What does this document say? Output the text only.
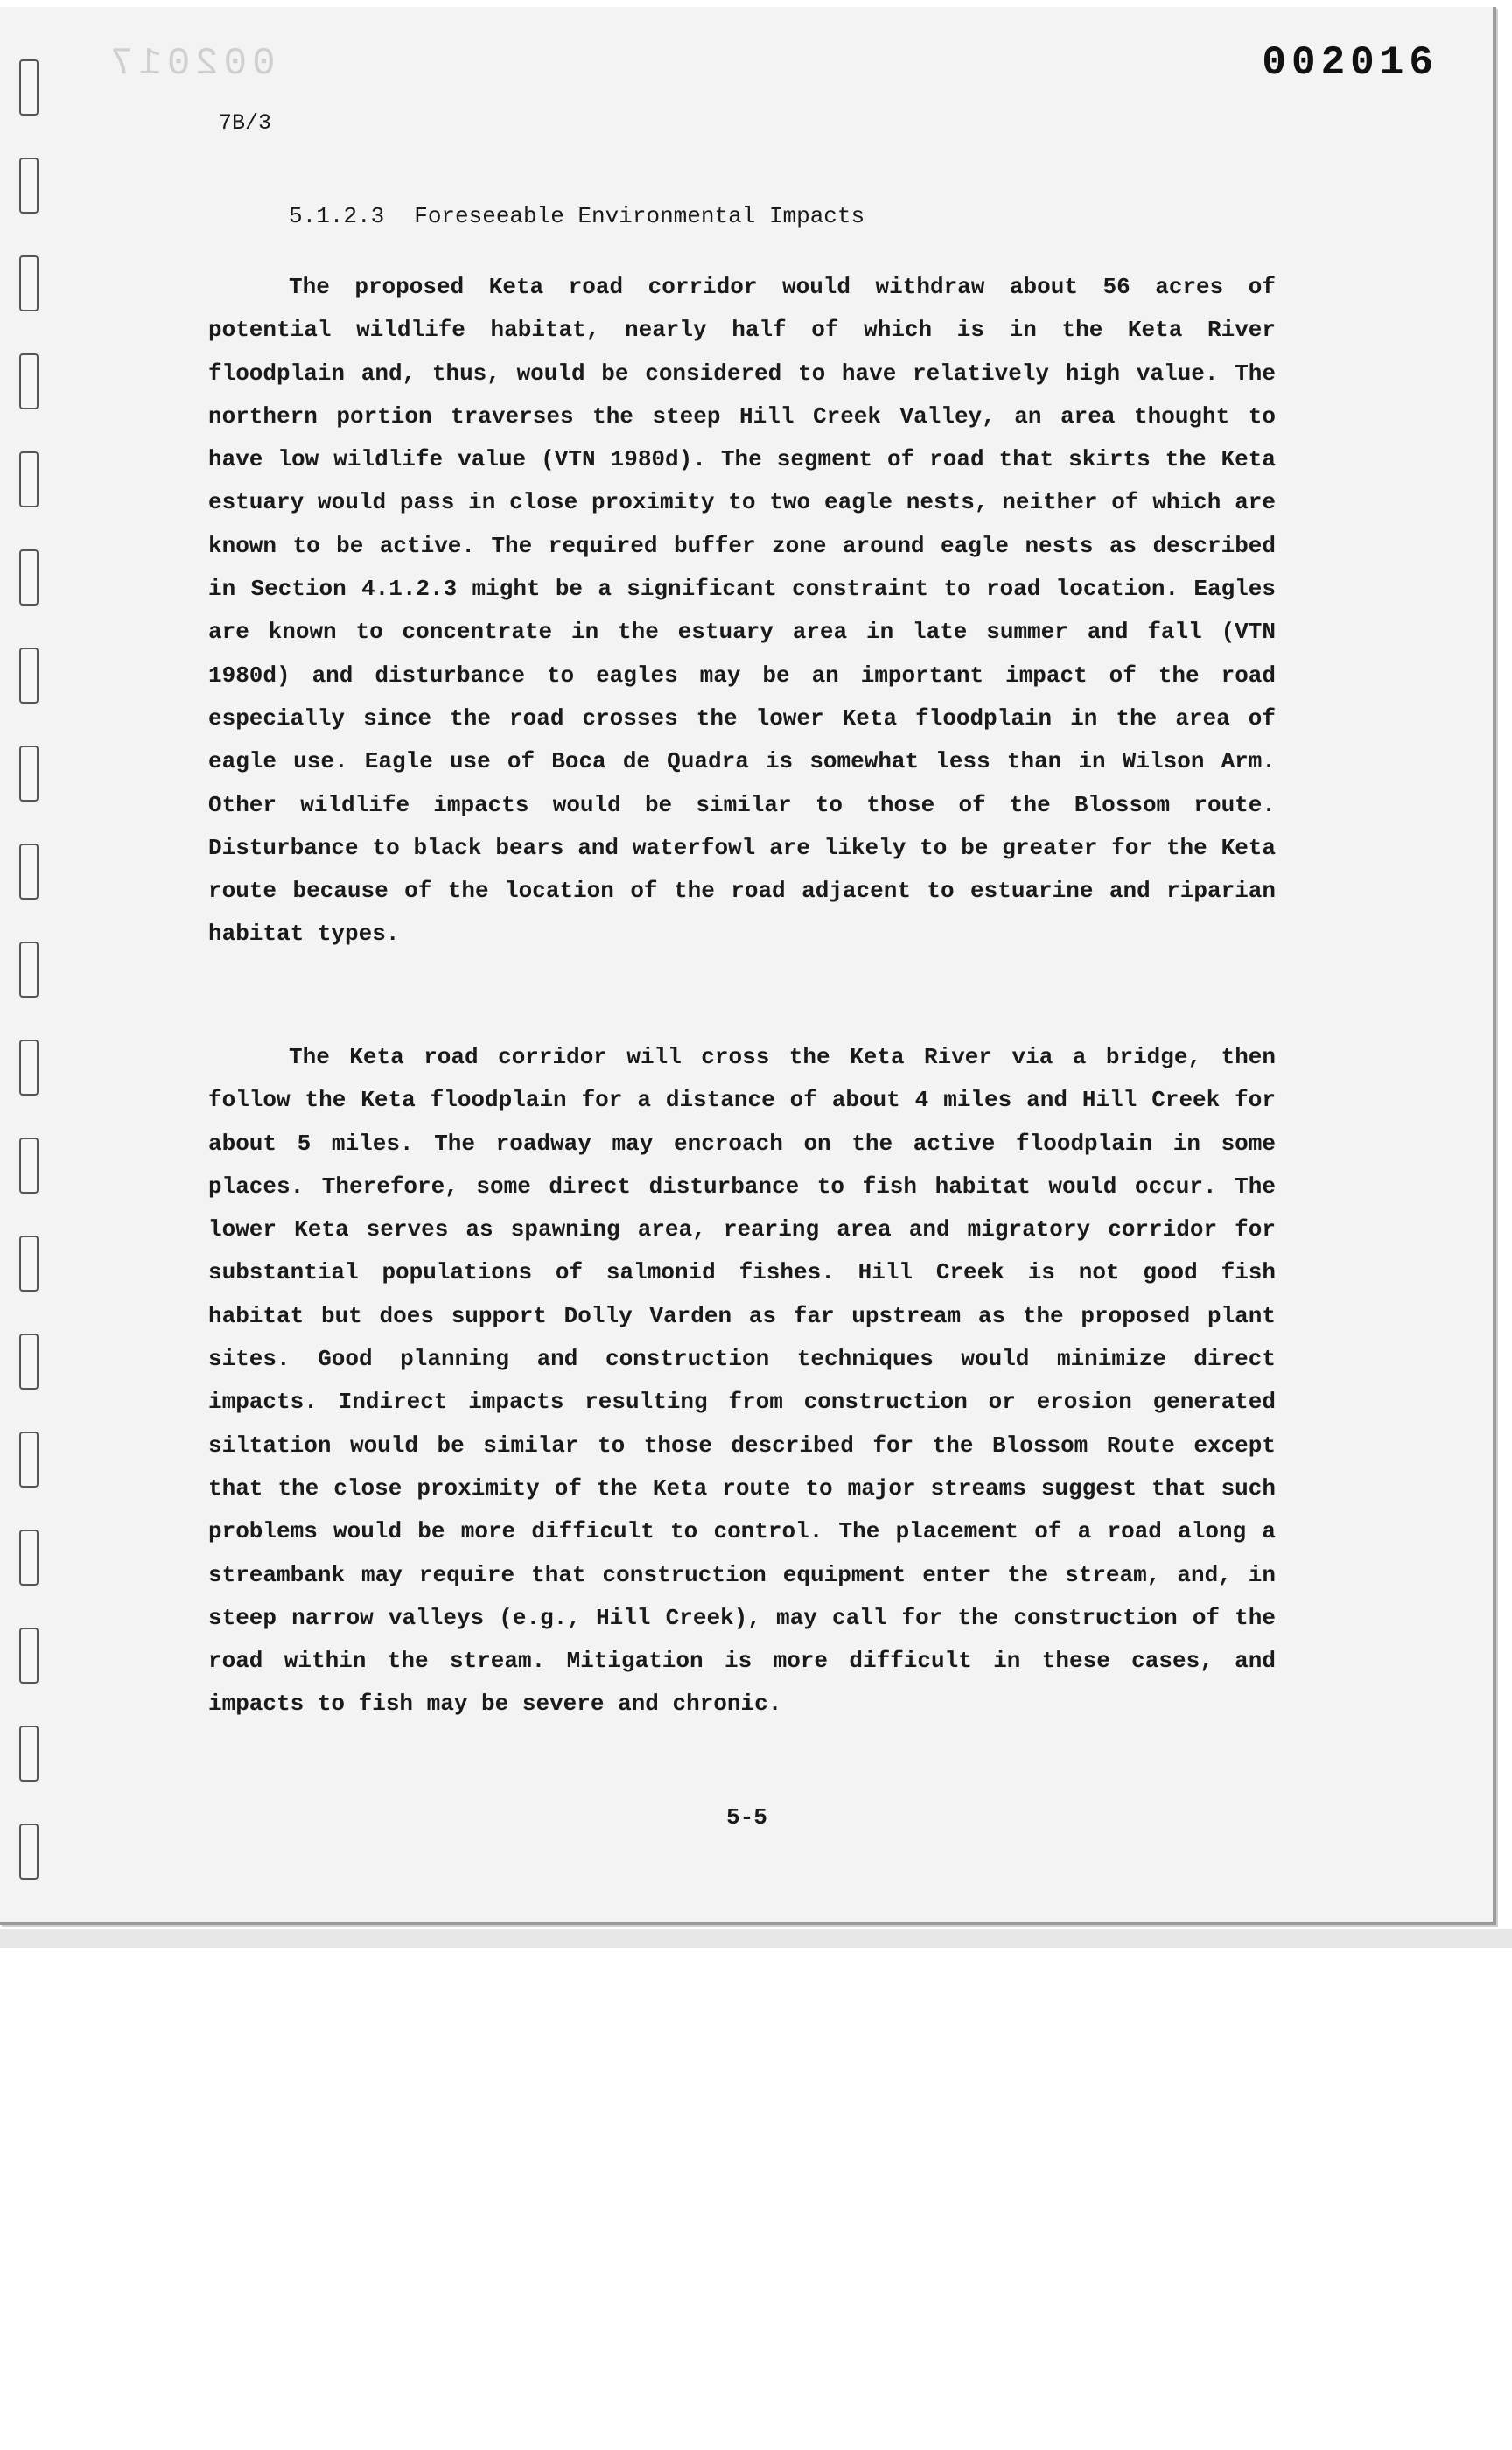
002017	002016
7B/3
5.1.2.3 Foreseeable Environmental Impacts

The proposed Keta road corridor would withdraw about 56 acres of potential wildlife habitat, nearly half of which is in the Keta River floodplain and, thus, would be considered to have relatively high value. The northern portion traverses the steep Hill Creek Valley, an area thought to have low wildlife value (VTN 1980d). The segment of road that skirts the Keta estuary would pass in close proximity to two eagle nests, neither of which are known to be active. The required buffer zone around eagle nests as described in Section 4.1.2.3 might be a significant constraint to road location. Eagles are known to concentrate in the estuary area in late summer and fall (VTN 1980d) and disturbance to eagles may be an important impact of the road especially since the road crosses the lower Keta floodplain in the area of eagle use. Eagle use of Boca de Quadra is somewhat less than in Wilson Arm. Other wildlife impacts would be similar to those of the Blossom route. Disturbance to black bears and waterfowl are likely to be greater for the Keta route because of the location of the road adjacent to estuarine and riparian habitat types.

The Keta road corridor will cross the Keta River via a bridge, then follow the Keta floodplain for a distance of about 4 miles and Hill Creek for about 5 miles. The roadway may encroach on the active floodplain in some places. Therefore, some direct disturbance to fish habitat would occur. The lower Keta serves as spawning area, rearing area and migratory corridor for substantial populations of salmonid fishes. Hill Creek is not good fish habitat but does support Dolly Varden as far upstream as the proposed plant sites. Good planning and construction techniques would minimize direct impacts. Indirect impacts resulting from construction or erosion generated siltation would be similar to those described for the Blossom Route except that the close proximity of the Keta route to major streams suggest that such problems would be more difficult to control. The placement of a road along a streambank may require that construction equipment enter the stream, and, in steep narrow valleys (e.g., Hill Creek), may call for the construction of the road within the stream. Mitigation is more difficult in these cases, and impacts to fish may be severe and chronic.

5-5
